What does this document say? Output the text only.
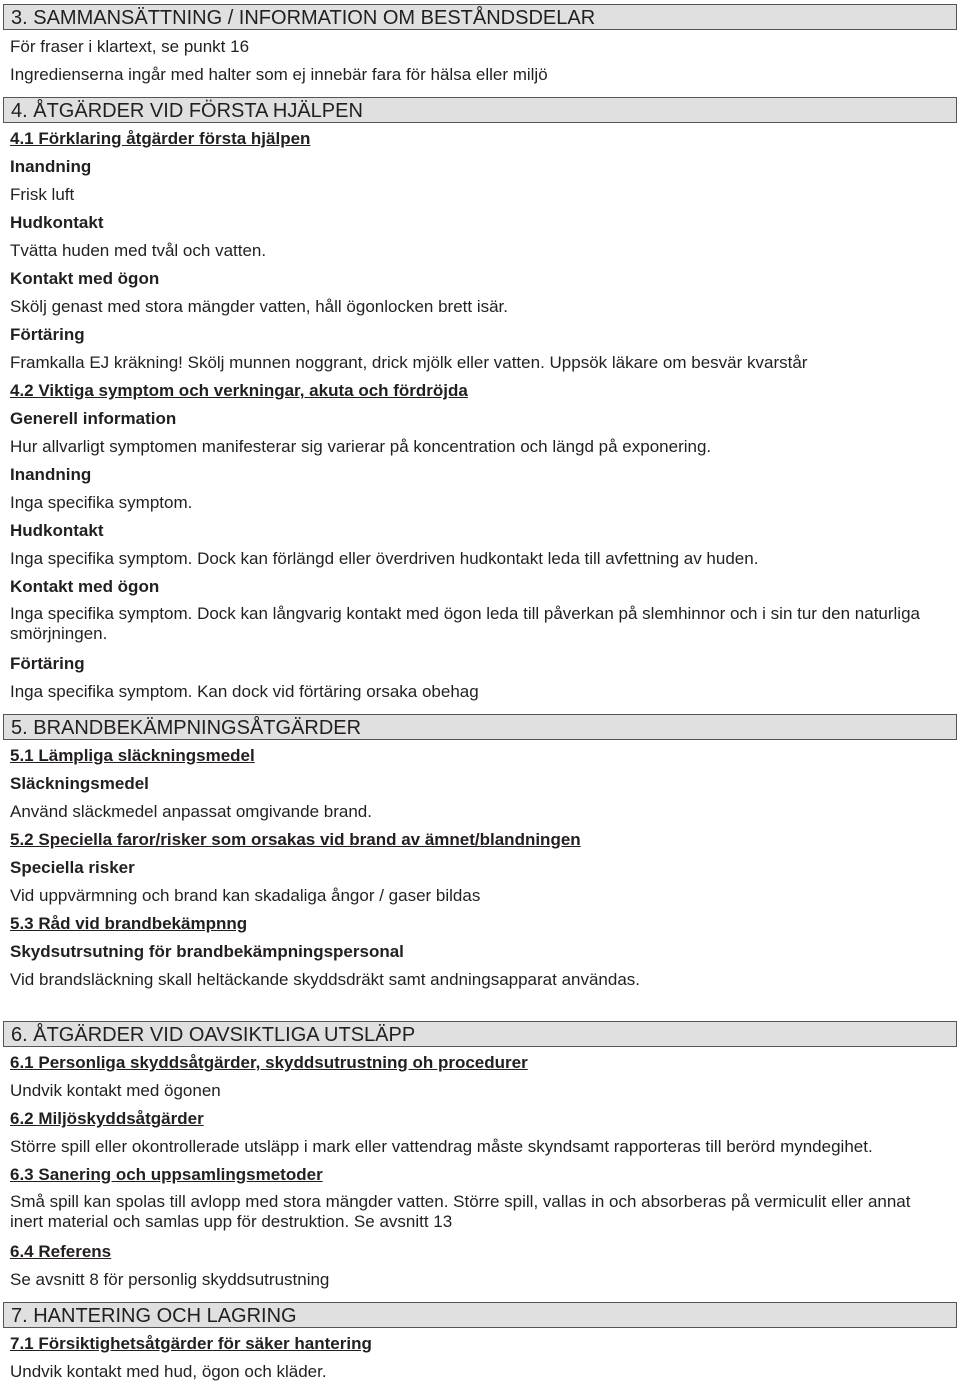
3. SAMMANSÄTTNING / INFORMATION OM BESTÅNDSDELAR
För fraser i klartext, se punkt 16
Ingredienserna ingår med halter som ej innebär fara för hälsa eller miljö
4. ÅTGÄRDER VID FÖRSTA HJÄLPEN
4.1 Förklaring åtgärder första hjälpen
Inandning
Frisk luft
Hudkontakt
Tvätta huden med tvål och vatten.
Kontakt med ögon
Skölj genast med stora mängder vatten, håll ögonlocken brett isär.
Förtäring
Framkalla EJ kräkning! Skölj munnen noggrant, drick mjölk eller vatten. Uppsök läkare om besvär kvarstår
4.2 Viktiga symptom och verkningar, akuta och fördröjda
Generell information
Hur allvarligt symptomen manifesterar sig varierar på koncentration och längd på exponering.
Inandning
Inga specifika symptom.
Hudkontakt
Inga specifika symptom. Dock kan förlängd eller överdriven hudkontakt leda till avfettning av huden.
Kontakt med ögon
Inga specifika symptom. Dock kan långvarig kontakt med ögon leda till påverkan på slemhinnor och i sin tur den naturliga smörjningen.
Förtäring
Inga specifika symptom. Kan dock vid förtäring orsaka obehag
5. BRANDBEKÄMPNINGSÅTGÄRDER
5.1 Lämpliga släckningsmedel
Släckningsmedel
Använd släckmedel anpassat omgivande brand.
5.2 Speciella faror/risker som orsakas vid brand av ämnet/blandningen
Speciella risker
Vid uppvärmning och brand kan skadaliga ångor / gaser bildas
5.3 Råd vid brandbekämpnng
Skydsutrsutning för brandbekämpningspersonal
Vid brandsläckning skall heltäckande skyddsdräkt samt andningsapparat användas.
6. ÅTGÄRDER VID OAVSIKTLIGA UTSLÄPP
6.1 Personliga skyddsåtgärder, skyddsutrustning oh procedurer
Undvik kontakt med ögonen
6.2 Miljöskyddsåtgärder
Större spill eller okontrollerade utsläpp i mark eller vattendrag måste skyndsamt rapporteras till berörd myndegihet.
6.3 Sanering och uppsamlingsmetoder
Små spill kan spolas till avlopp med stora mängder vatten. Större spill, vallas in och absorberas på vermiculit eller annat inert material och samlas upp för destruktion. Se avsnitt 13
6.4 Referens
Se avsnitt 8 för personlig skyddsutrustning
7. HANTERING OCH LAGRING
7.1 Försiktighetsåtgärder för säker hantering
Undvik kontakt med hud, ögon och kläder.
